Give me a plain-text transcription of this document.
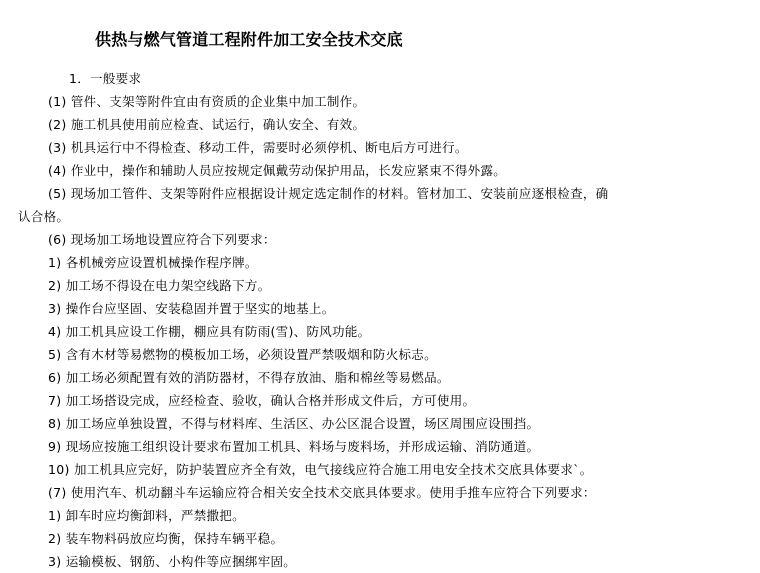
供热与燃气管道工程附件加工安全技术交底
1．一般要求
(1) 管件、支架等附件宜由有资质的企业集中加工制作。
(2) 施工机具使用前应检查、试运行，确认安全、有效。
(3) 机具运行中不得检查、移动工件，需要时必须停机、断电后方可进行。
(4) 作业中，操作和辅助人员应按规定佩戴劳动保护用品，长发应紧束不得外露。
(5) 现场加工管件、支架等附件应根据设计规定选定制作的材料。管材加工、安装前应逐根检查，确
认合格。
(6) 现场加工场地设置应符合下列要求：
1) 各机械旁应设置机械操作程序牌。
2) 加工场不得设在电力架空线路下方。
3) 操作台应坚固、安装稳固并置于坚实的地基上。
4) 加工机具应设工作棚，棚应具有防雨(雪)、防风功能。
5) 含有木材等易燃物的模板加工场，必须设置严禁吸烟和防火标志。
6) 加工场必须配置有效的消防器材，不得存放油、脂和棉丝等易燃品。
7) 加工场搭设完成，应经检查、验收，确认合格并形成文件后，方可使用。
8) 加工场应单独设置，不得与材料库、生活区、办公区混合设置，场区周围应设围挡。
9) 现场应按施工组织设计要求布置加工机具、料场与废料场，并形成运输、消防通道。
10) 加工机具应完好，防护装置应齐全有效，电气接线应符合施工用电安全技术交底具体要求`。
(7) 使用汽车、机动翻斗车运输应符合相关安全技术交底具体要求。使用手推车应符合下列要求：
1) 卸车时应均衡卸料，严禁撒把。
2) 装车物料码放应均衡，保持车辆平稳。
3) 运输模板、钢筋、小构件等应捆绑牢固。
